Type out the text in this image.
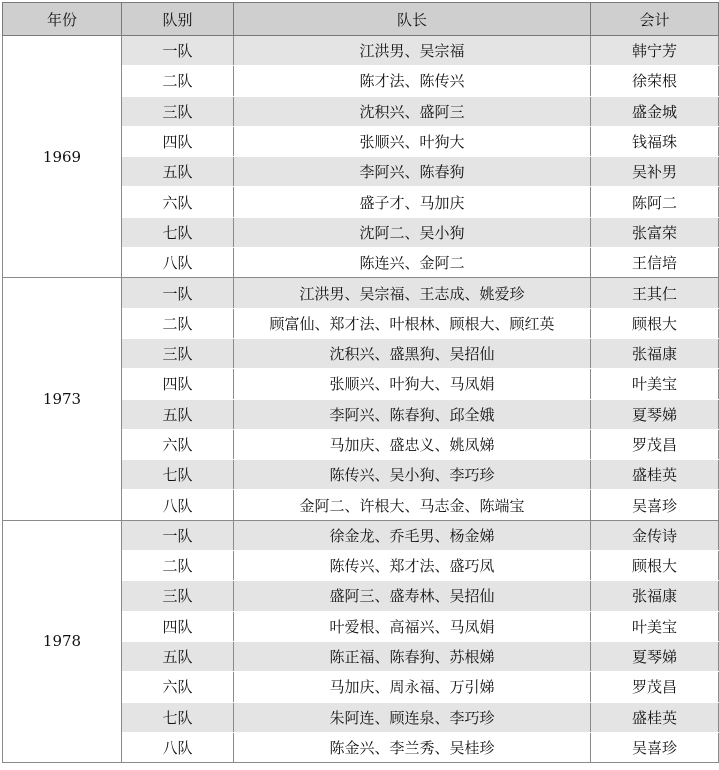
年份	队别	队长	会计
1969	一队	江洪男、吴宗福	韩宁芳
	二队	陈才法、陈传兴	徐荣根
	三队	沈积兴、盛阿三	盛金城
	四队	张顺兴、叶狗大	钱福珠
	五队	李阿兴、陈春狗	吴补男
	六队	盛子才、马加庆	陈阿二
	七队	沈阿二、吴小狗	张富荣
	八队	陈连兴、金阿二	王信培
1973	一队	江洪男、吴宗福、王志成、姚爱珍	王其仁
	二队	顾富仙、郑才法、叶根林、顾根大、顾红英	顾根大
	三队	沈积兴、盛黑狗、吴招仙	张福康
	四队	张顺兴、叶狗大、马凤娟	叶美宝
	五队	李阿兴、陈春狗、邱全娥	夏琴娣
	六队	马加庆、盛忠义、姚凤娣	罗茂昌
	七队	陈传兴、吴小狗、李巧珍	盛桂英
	八队	金阿二、许根大、马志金、陈端宝	吴喜珍
1978	一队	徐金龙、乔毛男、杨金娣	金传诗
	二队	陈传兴、郑才法、盛巧凤	顾根大
	三队	盛阿三、盛寿林、吴招仙	张福康
	四队	叶爱根、高福兴、马凤娟	叶美宝
	五队	陈正福、陈春狗、苏根娣	夏琴娣
	六队	马加庆、周永福、万引娣	罗茂昌
	七队	朱阿连、顾连泉、李巧珍	盛桂英
	八队	陈金兴、李兰秀、吴桂珍	吴喜珍
